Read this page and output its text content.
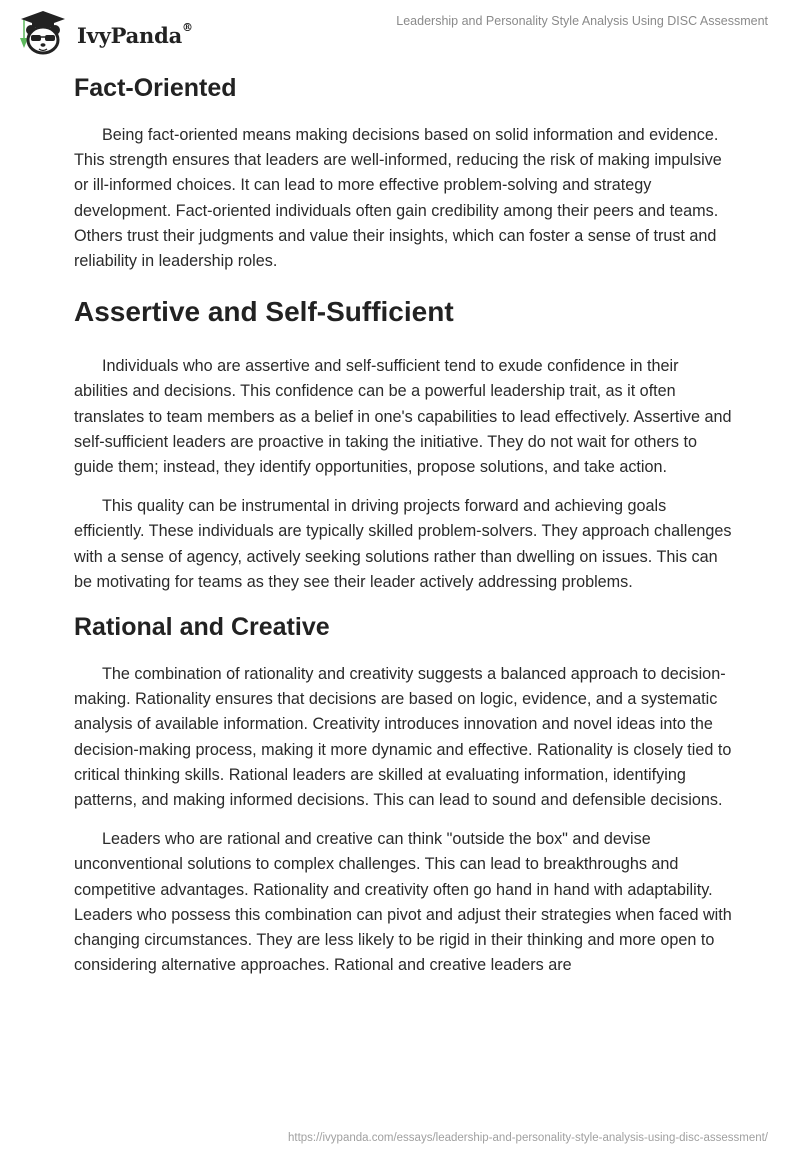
IvyPanda®	Leadership and Personality Style Analysis Using DISC Assessment
Fact-Oriented

Being fact-oriented means making decisions based on solid information and evidence. This strength ensures that leaders are well-informed, reducing the risk of making impulsive or ill-informed choices. It can lead to more effective problem-solving and strategy development. Fact-oriented individuals often gain credibility among their peers and teams. Others trust their judgments and value their insights, which can foster a sense of trust and reliability in leadership roles.

Assertive and Self-Sufficient

Individuals who are assertive and self-sufficient tend to exude confidence in their abilities and decisions. This confidence can be a powerful leadership trait, as it often translates to team members as a belief in one's capabilities to lead effectively. Assertive and self-sufficient leaders are proactive in taking the initiative. They do not wait for others to guide them; instead, they identify opportunities, propose solutions, and take action.

This quality can be instrumental in driving projects forward and achieving goals efficiently. These individuals are typically skilled problem-solvers. They approach challenges with a sense of agency, actively seeking solutions rather than dwelling on issues. This can be motivating for teams as they see their leader actively addressing problems.

Rational and Creative

The combination of rationality and creativity suggests a balanced approach to decision-making. Rationality ensures that decisions are based on logic, evidence, and a systematic analysis of available information. Creativity introduces innovation and novel ideas into the decision-making process, making it more dynamic and effective. Rationality is closely tied to critical thinking skills. Rational leaders are skilled at evaluating information, identifying patterns, and making informed decisions. This can lead to sound and defensible decisions.

Leaders who are rational and creative can think "outside the box" and devise unconventional solutions to complex challenges. This can lead to breakthroughs and competitive advantages. Rationality and creativity often go hand in hand with adaptability. Leaders who possess this combination can pivot and adjust their strategies when faced with changing circumstances. They are less likely to be rigid in their thinking and more open to considering alternative approaches. Rational and creative leaders are

https://ivypanda.com/essays/leadership-and-personality-style-analysis-using-disc-assessment/
